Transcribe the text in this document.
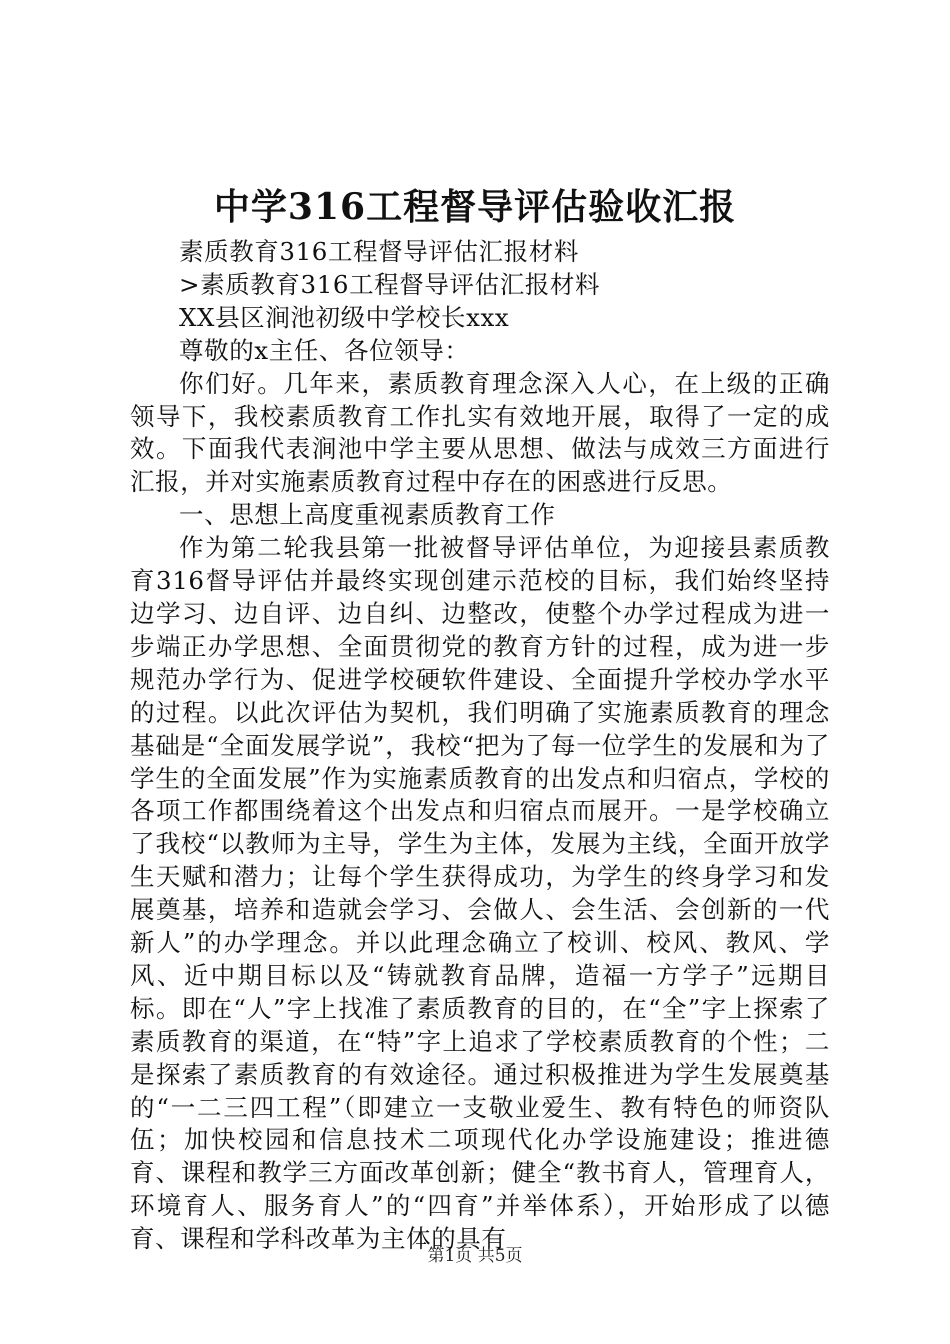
中学316工程督导评估验收汇报

素质教育316工程督导评估汇报材料

>素质教育316工程督导评估汇报材料

XX县区涧池初级中学校长xxx

尊敬的x主任、各位领导：

你们好。几年来，素质教育理念深入人心，在上级的正确领导下，我校素质教育工作扎实有效地开展，取得了一定的成效。下面我代表涧池中学主要从思想、做法与成效三方面进行汇报，并对实施素质教育过程中存在的困惑进行反思。

一、思想上高度重视素质教育工作

作为第二轮我县第一批被督导评估单位，为迎接县素质教育316督导评估并最终实现创建示范校的目标，我们始终坚持边学习、边自评、边自纠、边整改，使整个办学过程成为进一步端正办学思想、全面贯彻党的教育方针的过程，成为进一步规范办学行为、促进学校硬软件建设、全面提升学校办学水平的过程。以此次评估为契机，我们明确了实施素质教育的理念基础是“全面发展学说”，我校“把为了每一位学生的发展和为了学生的全面发展”作为实施素质教育的出发点和归宿点，学校的各项工作都围绕着这个出发点和归宿点而展开。一是学校确立了我校“以教师为主导，学生为主体，发展为主线，全面开放学生天赋和潜力；让每个学生获得成功，为学生的终身学习和发展奠基，培养和造就会学习、会做人、会生活、会创新的一代新人”的办学理念。并以此理念确立了校训、校风、教风、学风、近中期目标以及“铸就教育品牌，造福一方学子”远期目标。即在“人”字上找准了素质教育的目的，在“全”字上探索了素质教育的渠道，在“特”字上追求了学校素质教育的个性；二是探索了素质教育的有效途径。通过积极推进为学生发展奠基的“一二三四工程”（即建立一支敬业爱生、教有特色的师资队伍；加快校园和信息技术二项现代化办学设施建设；推进德育、课程和教学三方面改革创新；健全“教书育人，管理育人，环境育人、服务育人”的“四育”并举体系），开始形成了以德育、课程和学科改革为主体的具有

第1页 共5页
